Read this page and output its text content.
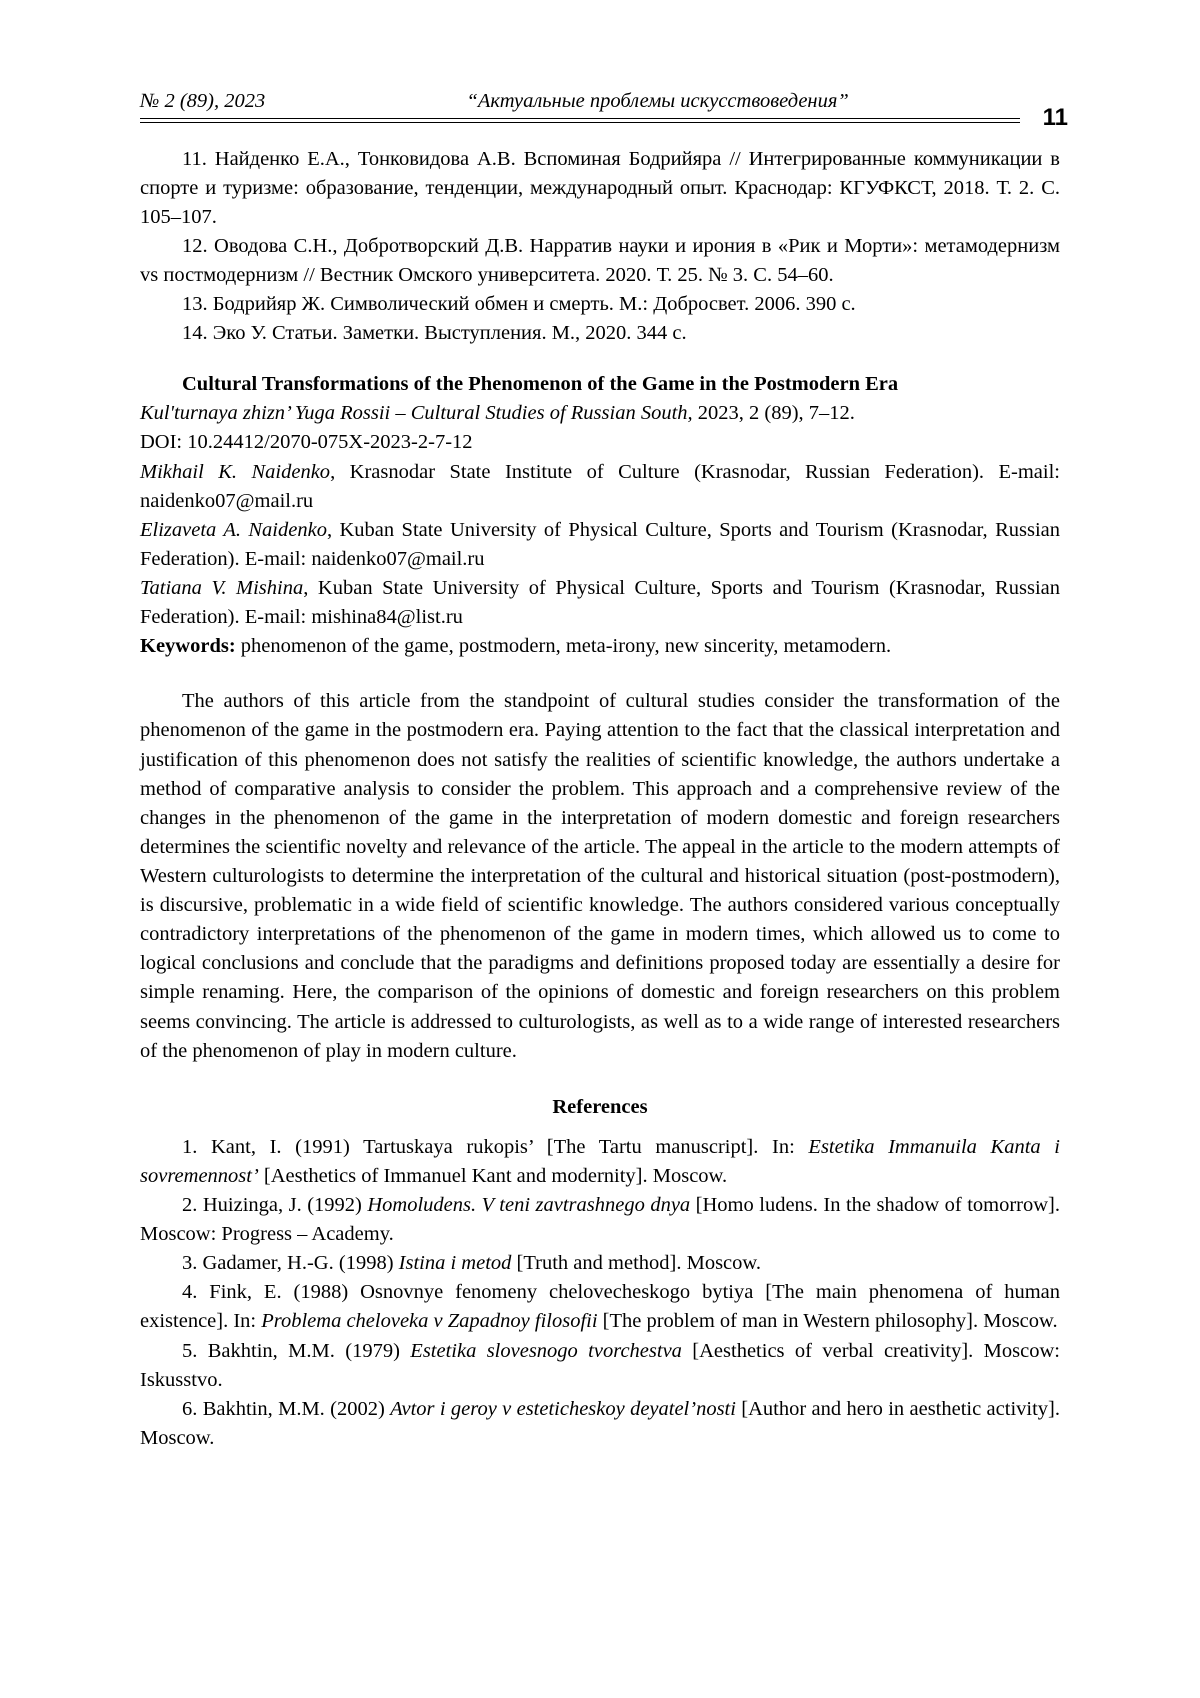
№ 2 (89), 2023	“Актуальные проблемы искусствоведения”
11

11. Найденко Е.А., Тонковидова А.В. Вспоминая Бодрийяра // Интегрированные коммуникации в спорте и туризме: образование, тенденции, международный опыт. Краснодар: КГУФКСТ, 2018. Т. 2. С. 105–107.

12. Оводова С.Н., Добротворский Д.В. Нарратив науки и ирония в «Рик и Морти»: метамодернизм vs постмодернизм // Вестник Омского университета. 2020. Т. 25. № 3. С. 54–60.

13. Бодрийяр Ж. Символический обмен и смерть. М.: Добросвет. 2006. 390 с.

14. Эко У. Статьи. Заметки. Выступления. М., 2020. 344 с.

Cultural Transformations of the Phenomenon of the Game in the Postmodern Era

Kul'turnaya zhizn’ Yuga Rossii – Cultural Studies of Russian South, 2023, 2 (89), 7–12.

DOI: 10.24412/2070-075X-2023-2-7-12

Mikhail K. Naidenko, Krasnodar State Institute of Culture (Krasnodar, Russian Federation). E-mail: naidenko07@mail.ru

Elizaveta A. Naidenko, Kuban State University of Physical Culture, Sports and Tourism (Krasnodar, Russian Federation). E-mail: naidenko07@mail.ru

Tatiana V. Mishina, Kuban State University of Physical Culture, Sports and Tourism (Krasnodar, Russian Federation). E-mail: mishina84@list.ru

Keywords: phenomenon of the game, postmodern, meta-irony, new sincerity, metamodern.

The authors of this article from the standpoint of cultural studies consider the transformation of the phenomenon of the game in the postmodern era. Paying attention to the fact that the classical interpretation and justification of this phenomenon does not satisfy the realities of scientific knowledge, the authors undertake a method of comparative analysis to consider the problem. This approach and a comprehensive review of the changes in the phenomenon of the game in the interpretation of modern domestic and foreign researchers determines the scientific novelty and relevance of the article. The appeal in the article to the modern attempts of Western culturologists to determine the interpretation of the cultural and historical situation (post-postmodern), is discursive, problematic in a wide field of scientific knowledge. The authors considered various conceptually contradictory interpretations of the phenomenon of the game in modern times, which allowed us to come to logical conclusions and conclude that the paradigms and definitions proposed today are essentially a desire for simple renaming. Here, the comparison of the opinions of domestic and foreign researchers on this problem seems convincing. The article is addressed to culturologists, as well as to a wide range of interested researchers of the phenomenon of play in modern culture.

References

1. Kant, I. (1991) Tartuskaya rukopis’ [The Tartu manuscript]. In: Estetika Immanuila Kanta i sovremennost’ [Aesthetics of Immanuel Kant and modernity]. Moscow.

2. Huizinga, J. (1992) Homoludens. V teni zavtrashnego dnya [Homo ludens. In the shadow of tomorrow]. Moscow: Progress – Academy.

3. Gadamer, H.-G. (1998) Istina i metod [Truth and method]. Moscow.

4. Fink, E. (1988) Osnovnye fenomeny chelovecheskogo bytiya [The main phenomena of human existence]. In: Problema cheloveka v Zapadnoy filosofii [The problem of man in Western philosophy]. Moscow.

5. Bakhtin, M.M. (1979) Estetika slovesnogo tvorchestva [Aesthetics of verbal creativity]. Moscow: Iskusstvo.

6. Bakhtin, M.M. (2002) Avtor i geroy v esteticheskoy deyatel’nosti [Author and hero in aesthetic activity]. Moscow.
